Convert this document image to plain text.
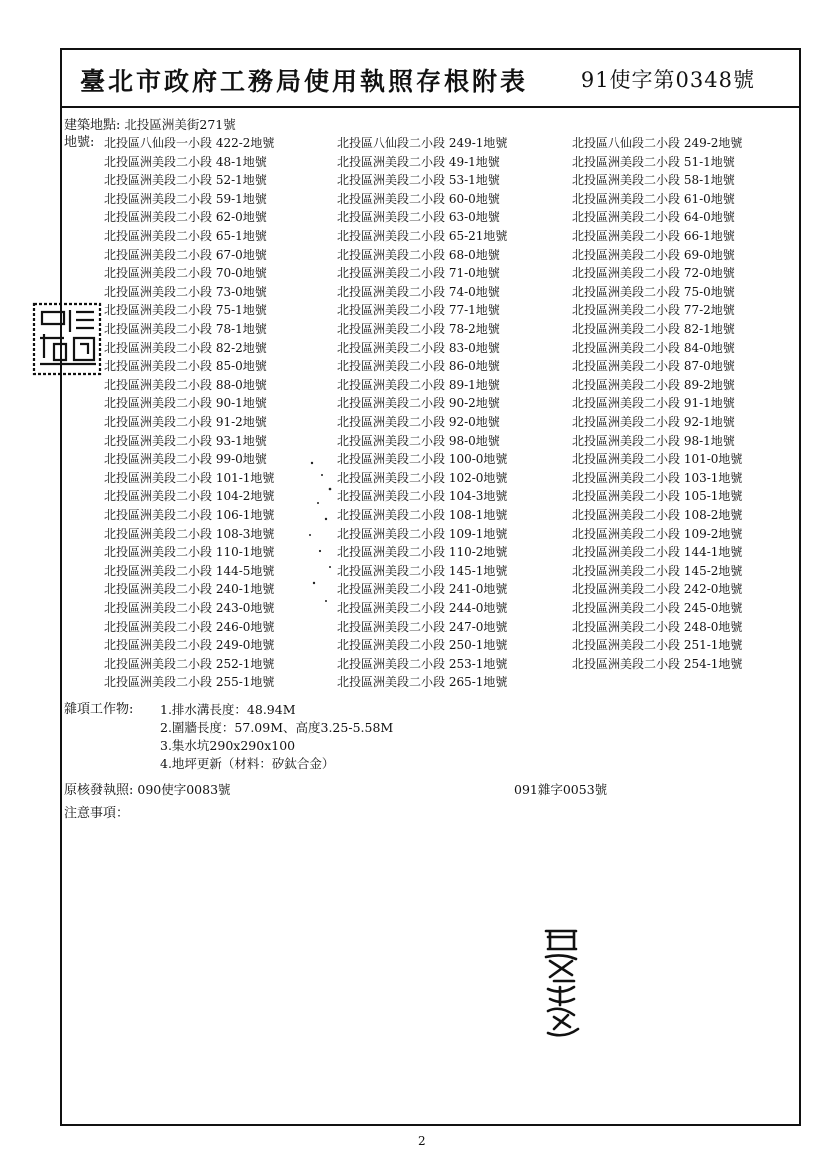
臺北市政府工務局使用執照存根附表	91使字第0348號
建築地點: 北投區洲美街271號
地號: 北投區八仙段一小段 422-2地號	北投區八仙段二小段 249-1地號	北投區八仙段二小段 249-2地號
北投區洲美段二小段 48-1地號	北投區洲美段二小段 49-1地號	北投區洲美段二小段 51-1地號
北投區洲美段二小段 52-1地號	北投區洲美段二小段 53-1地號	北投區洲美段二小段 58-1地號
北投區洲美段二小段 59-1地號	北投區洲美段二小段 60-0地號	北投區洲美段二小段 61-0地號
北投區洲美段二小段 62-0地號	北投區洲美段二小段 63-0地號	北投區洲美段二小段 64-0地號
北投區洲美段二小段 65-1地號	北投區洲美段二小段 65-21地號	北投區洲美段二小段 66-1地號
北投區洲美段二小段 67-0地號	北投區洲美段二小段 68-0地號	北投區洲美段二小段 69-0地號
北投區洲美段二小段 70-0地號	北投區洲美段二小段 71-0地號	北投區洲美段二小段 72-0地號
北投區洲美段二小段 73-0地號	北投區洲美段二小段 74-0地號	北投區洲美段二小段 75-0地號
北投區洲美段二小段 75-1地號	北投區洲美段二小段 77-1地號	北投區洲美段二小段 77-2地號
北投區洲美段二小段 78-1地號	北投區洲美段二小段 78-2地號	北投區洲美段二小段 82-1地號
北投區洲美段二小段 82-2地號	北投區洲美段二小段 83-0地號	北投區洲美段二小段 84-0地號
北投區洲美段二小段 85-0地號	北投區洲美段二小段 86-0地號	北投區洲美段二小段 87-0地號
北投區洲美段二小段 88-0地號	北投區洲美段二小段 89-1地號	北投區洲美段二小段 89-2地號
北投區洲美段二小段 90-1地號	北投區洲美段二小段 90-2地號	北投區洲美段二小段 91-1地號
北投區洲美段二小段 91-2地號	北投區洲美段二小段 92-0地號	北投區洲美段二小段 92-1地號
北投區洲美段二小段 93-1地號	北投區洲美段二小段 98-0地號	北投區洲美段二小段 98-1地號
北投區洲美段二小段 99-0地號	北投區洲美段二小段 100-0地號	北投區洲美段二小段 101-0地號
北投區洲美段二小段 101-1地號	北投區洲美段二小段 102-0地號	北投區洲美段二小段 103-1地號
北投區洲美段二小段 104-2地號	北投區洲美段二小段 104-3地號	北投區洲美段二小段 105-1地號
北投區洲美段二小段 106-1地號	北投區洲美段二小段 108-1地號	北投區洲美段二小段 108-2地號
北投區洲美段二小段 108-3地號	北投區洲美段二小段 109-1地號	北投區洲美段二小段 109-2地號
北投區洲美段二小段 110-1地號	北投區洲美段二小段 110-2地號	北投區洲美段二小段 144-1地號
北投區洲美段二小段 144-5地號	北投區洲美段二小段 145-1地號	北投區洲美段二小段 145-2地號
北投區洲美段二小段 240-1地號	北投區洲美段二小段 241-0地號	北投區洲美段二小段 242-0地號
北投區洲美段二小段 243-0地號	北投區洲美段二小段 244-0地號	北投區洲美段二小段 245-0地號
北投區洲美段二小段 246-0地號	北投區洲美段二小段 247-0地號	北投區洲美段二小段 248-0地號
北投區洲美段二小段 249-0地號	北投區洲美段二小段 250-1地號	北投區洲美段二小段 251-1地號
北投區洲美段二小段 252-1地號	北投區洲美段二小段 253-1地號	北投區洲美段二小段 254-1地號
北投區洲美段二小段 255-1地號	北投區洲美段二小段 265-1地號
雜項工作物: 1.排水溝長度：48.94M
2.圍牆長度：57.09M、高度3.25-5.58M
3.集水坑290x290x100
4.地坪更新（材料：矽鈦合金）
原核發執照: 090使字0083號	091雜字0053號
注意事項：
2
